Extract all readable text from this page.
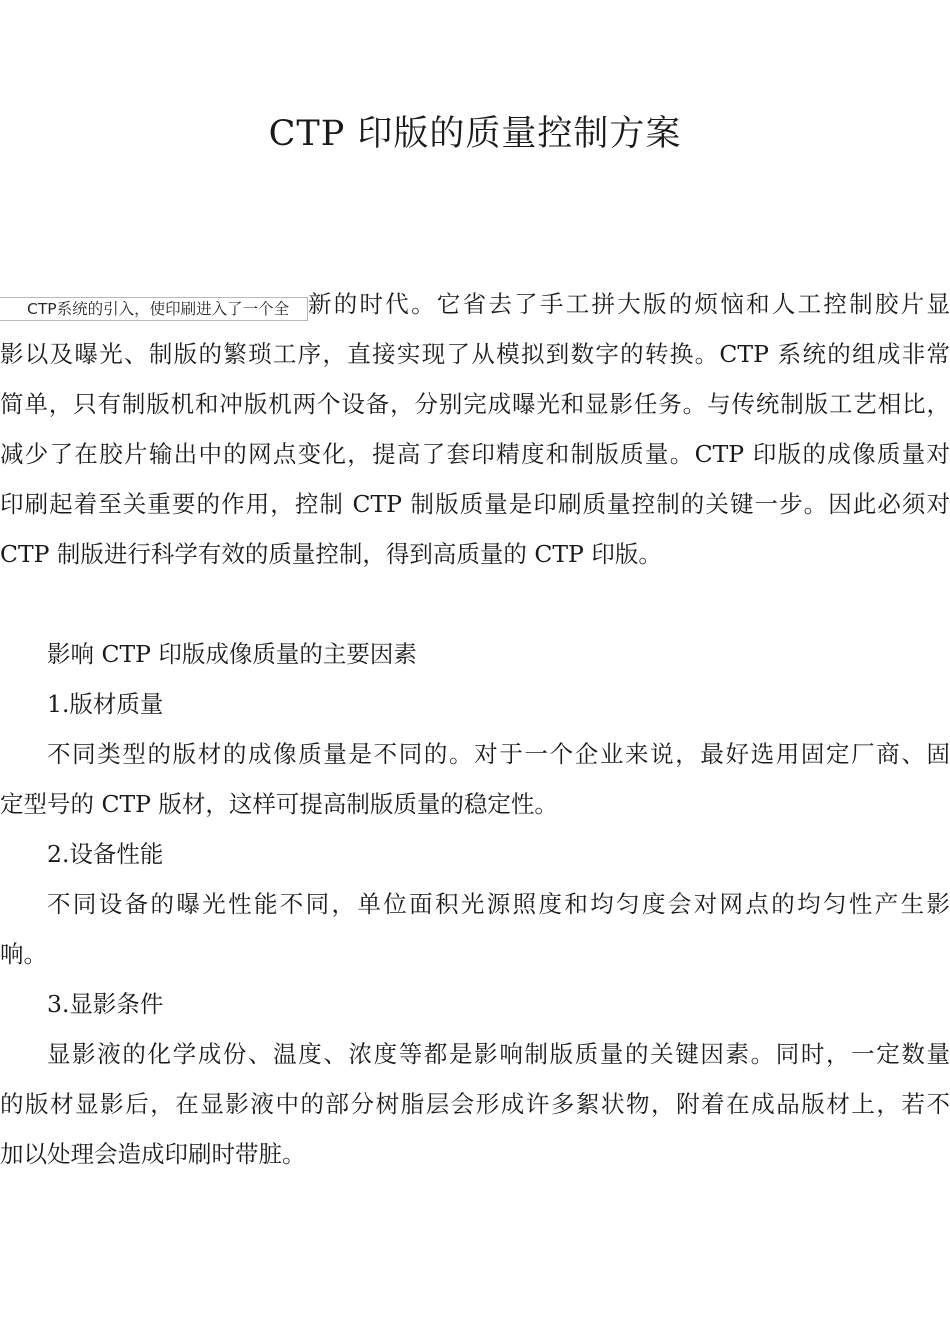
CTP 印版的质量控制方案
CTP系统的引入，使印刷进入了一个全 新的时代。它省去了手工拼大版的烦恼和人工控制胶片显
影以及曝光、制版的繁琐工序，直接实现了从模拟到数字的转换。CTP 系统的组成非常
简单，只有制版机和冲版机两个设备，分别完成曝光和显影任务。与传统制版工艺相比，
减少了在胶片输出中的网点变化，提高了套印精度和制版质量。CTP 印版的成像质量对
印刷起着至关重要的作用，控制 CTP 制版质量是印刷质量控制的关键一步。因此必须对
CTP 制版进行科学有效的质量控制，得到高质量的 CTP 印版。
影响 CTP 印版成像质量的主要因素
1.版材质量
不同类型的版材的成像质量是不同的。对于一个企业来说，最好选用固定厂商、固
定型号的 CTP 版材，这样可提高制版质量的稳定性。
2.设备性能
不同设备的曝光性能不同，单位面积光源照度和均匀度会对网点的均匀性产生影
响。
3.显影条件
显影液的化学成份、温度、浓度等都是影响制版质量的关键因素。同时，一定数量
的版材显影后，在显影液中的部分树脂层会形成许多絮状物，附着在成品版材上，若不
加以处理会造成印刷时带脏。
